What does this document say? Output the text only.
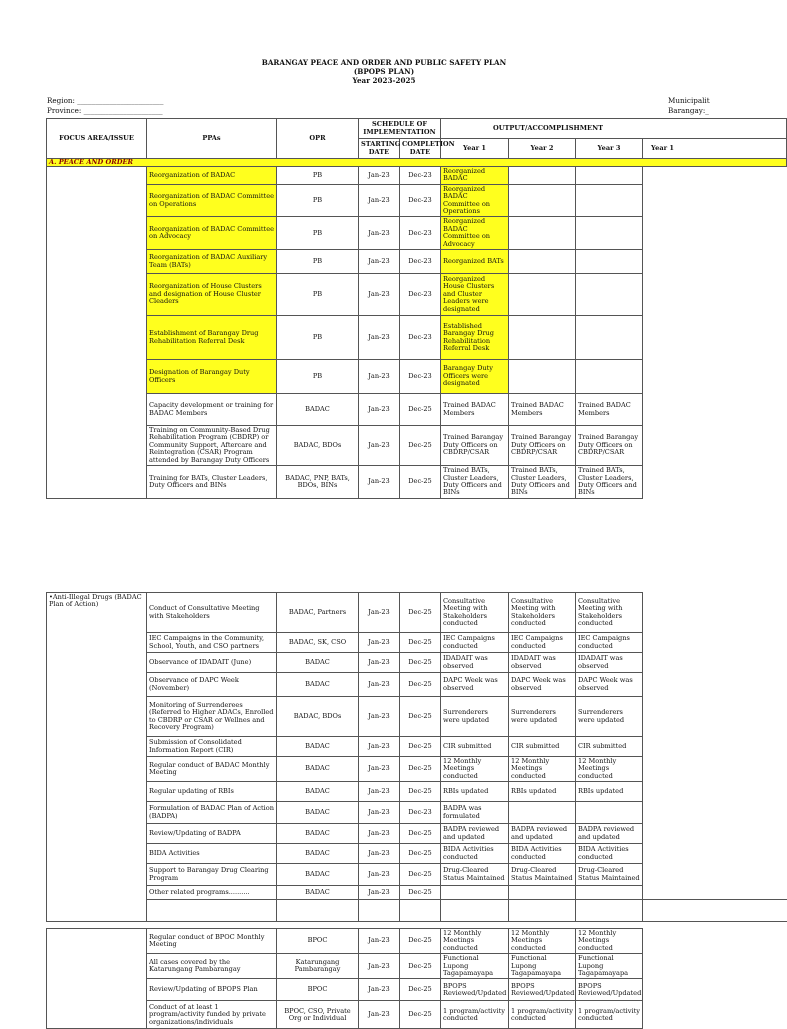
BARANGAY PEACE AND ORDER AND PUBLIC SAFETY PLAN
(BPOPS PLAN)
Year 2023-2025
Region: ________________________
Province: ______________________
Municipalit
Barangay:_
FOCUS AREA/ISSUE	PPAs	OPR	SCHEDULE OF IMPLEMENTATION		OUTPUT/ACCOMPLISHMENT			
			STARTING DATE	COMPLETION DATE	Year 1	Year 2	Year 3	Year 1
A. PEACE AND ORDER								
	Reorganization of BADAC	PB	Jan-23	Dec-23	Reorganized BADAC			
	Reorganization of BADAC Committee on Operations	PB	Jan-23	Dec-23	Reorganized BADAC Committee on Operations			
	Reorganization of BADAC Committee on Advocacy	PB	Jan-23	Dec-23	Reorganized BADAC Committee on Advocacy			
	Reorganization of BADAC Auxiliary Team (BATs)	PB	Jan-23	Dec-23	Reorganized BATs			
	Reorganization of House Clusters and designation of House Cluster Cleaders	PB	Jan-23	Dec-23	Reorganized House Clusters and Cluster Leaders were designated			
	Establishment of Barangay Drug Rehabilitation Referral Desk	PB	Jan-23	Dec-23	Established Barangay Drug Rehabilitation Referral Desk			
	Designation of Barangay Duty Officers	PB	Jan-23	Dec-23	Barangay Duty Officers were designated			
	Capacity development or training for BADAC Members	BADAC	Jan-23	Dec-25	Trained BADAC Members	Trained BADAC Members	Trained BADAC Members	
	Training on Community-Based Drug Rehabilitation Program (CBDRP) or Community Support, Aftercare and Reintegration (CSAR) Program attended by Barangay Duty Officers	BADAC, BDOs	Jan-23	Dec-25	Trained Barangay Duty Officers on CBDRP/CSAR	Trained Barangay Duty Officers on CBDRP/CSAR	Trained Barangay Duty Officers on CBDRP/CSAR	
	Training for BATs, Cluster Leaders, Duty Officers and BINs	BADAC, PNP, BATs, BDOs, BINs	Jan-23	Dec-25	Trained BATs, Cluster Leaders, Duty Officers and BINs	Trained BATs, Cluster Leaders, Duty Officers and BINs	Trained BATs, Cluster Leaders, Duty Officers and BINs	
•Anti-Illegal Drugs (BADAC Plan of Action)	Conduct of Consultative Meeting with Stakeholders	BADAC, Partners	Jan-23	Dec-25	Consultative Meeting with Stakeholders conducted	Consultative Meeting with Stakeholders conducted	Consultative Meeting with Stakeholders conducted	
	IEC Campaigns in the Community, School, Youth, and CSO partners	BADAC, SK, CSO	Jan-23	Dec-25	IEC Campaigns conducted	IEC Campaigns conducted	IEC Campaigns conducted	
	Observance of IDADAIT (June)	BADAC	Jan-23	Dec-25	IDADAIT was observed	IDADAIT was observed	IDADAIT was observed	
	Observance of DAPC Week (November)	BADAC	Jan-23	Dec-25	DAPC Week was observed	DAPC Week was observed	DAPC Week was observed	
	Monitoring of Surrenderees (Referred to Higher ADACs, Enrolled to CBDRP or CSAR or Wellnes and Recovery Program)	BADAC, BDOs	Jan-23	Dec-25	Surrenderers were updated	Surrenderers were updated	Surrenderers were updated	
	Submission of Consolidated Information Report (CIR)	BADAC	Jan-23	Dec-25	CIR submitted	CIR submitted	CIR submitted	
	Regular conduct of BADAC Monthly Meeting	BADAC	Jan-23	Dec-25	12 Monthly Meetings conducted	12 Monthly Meetings conducted	12 Monthly Meetings conducted	
	Regular updating of RBIs	BADAC	Jan-23	Dec-25	RBIs updated	RBIs updated	RBIs updated	
	Formulation of BADAC Plan of Action (BADPA)	BADAC	Jan-23	Dec-23	BADPA was formulated			
	Review/Updating of BADPA	BADAC	Jan-23	Dec-25	BADPA reviewed and updated	BADPA reviewed and updated	BADPA reviewed and updated	
	BIDA Activities	BADAC	Jan-23	Dec-25	BIDA Activities conducted	BIDA Activities conducted	BIDA Activities conducted	
	Support to Barangay Drug Clearing Program	BADAC	Jan-23	Dec-25	Drug-Cleared Status Maintained	Drug-Cleared Status Maintained	Drug-Cleared Status Maintained	
	Other related programs..........	BADAC	Jan-23	Dec-25				

	Regular conduct of BPOC Monthly Meeting	BPOC	Jan-23	Dec-25	12 Monthly Meetings conducted	12 Monthly Meetings conducted	12 Monthly Meetings conducted	
	All cases covered by the Katarungang Pambarangay	Katarungang Pambarangay	Jan-23	Dec-25	Functional Lupong Tagapamayapa	Functional Lupong Tagapamayapa	Functional Lupong Tagapamayapa	
	Review/Updating of BPOPS Plan	BPOC	Jan-23	Dec-25	BPOPS Reviewed/Updated	BPOPS Reviewed/Updated	BPOPS Reviewed/Updated	
	Conduct of at least 1 program/activity funded by private organizations/individuals	BPOC, CSO, Private Org or Individual	Jan-23	Dec-25	1 program/activity conducted	1 program/activity conducted	1 program/activity conducted	
